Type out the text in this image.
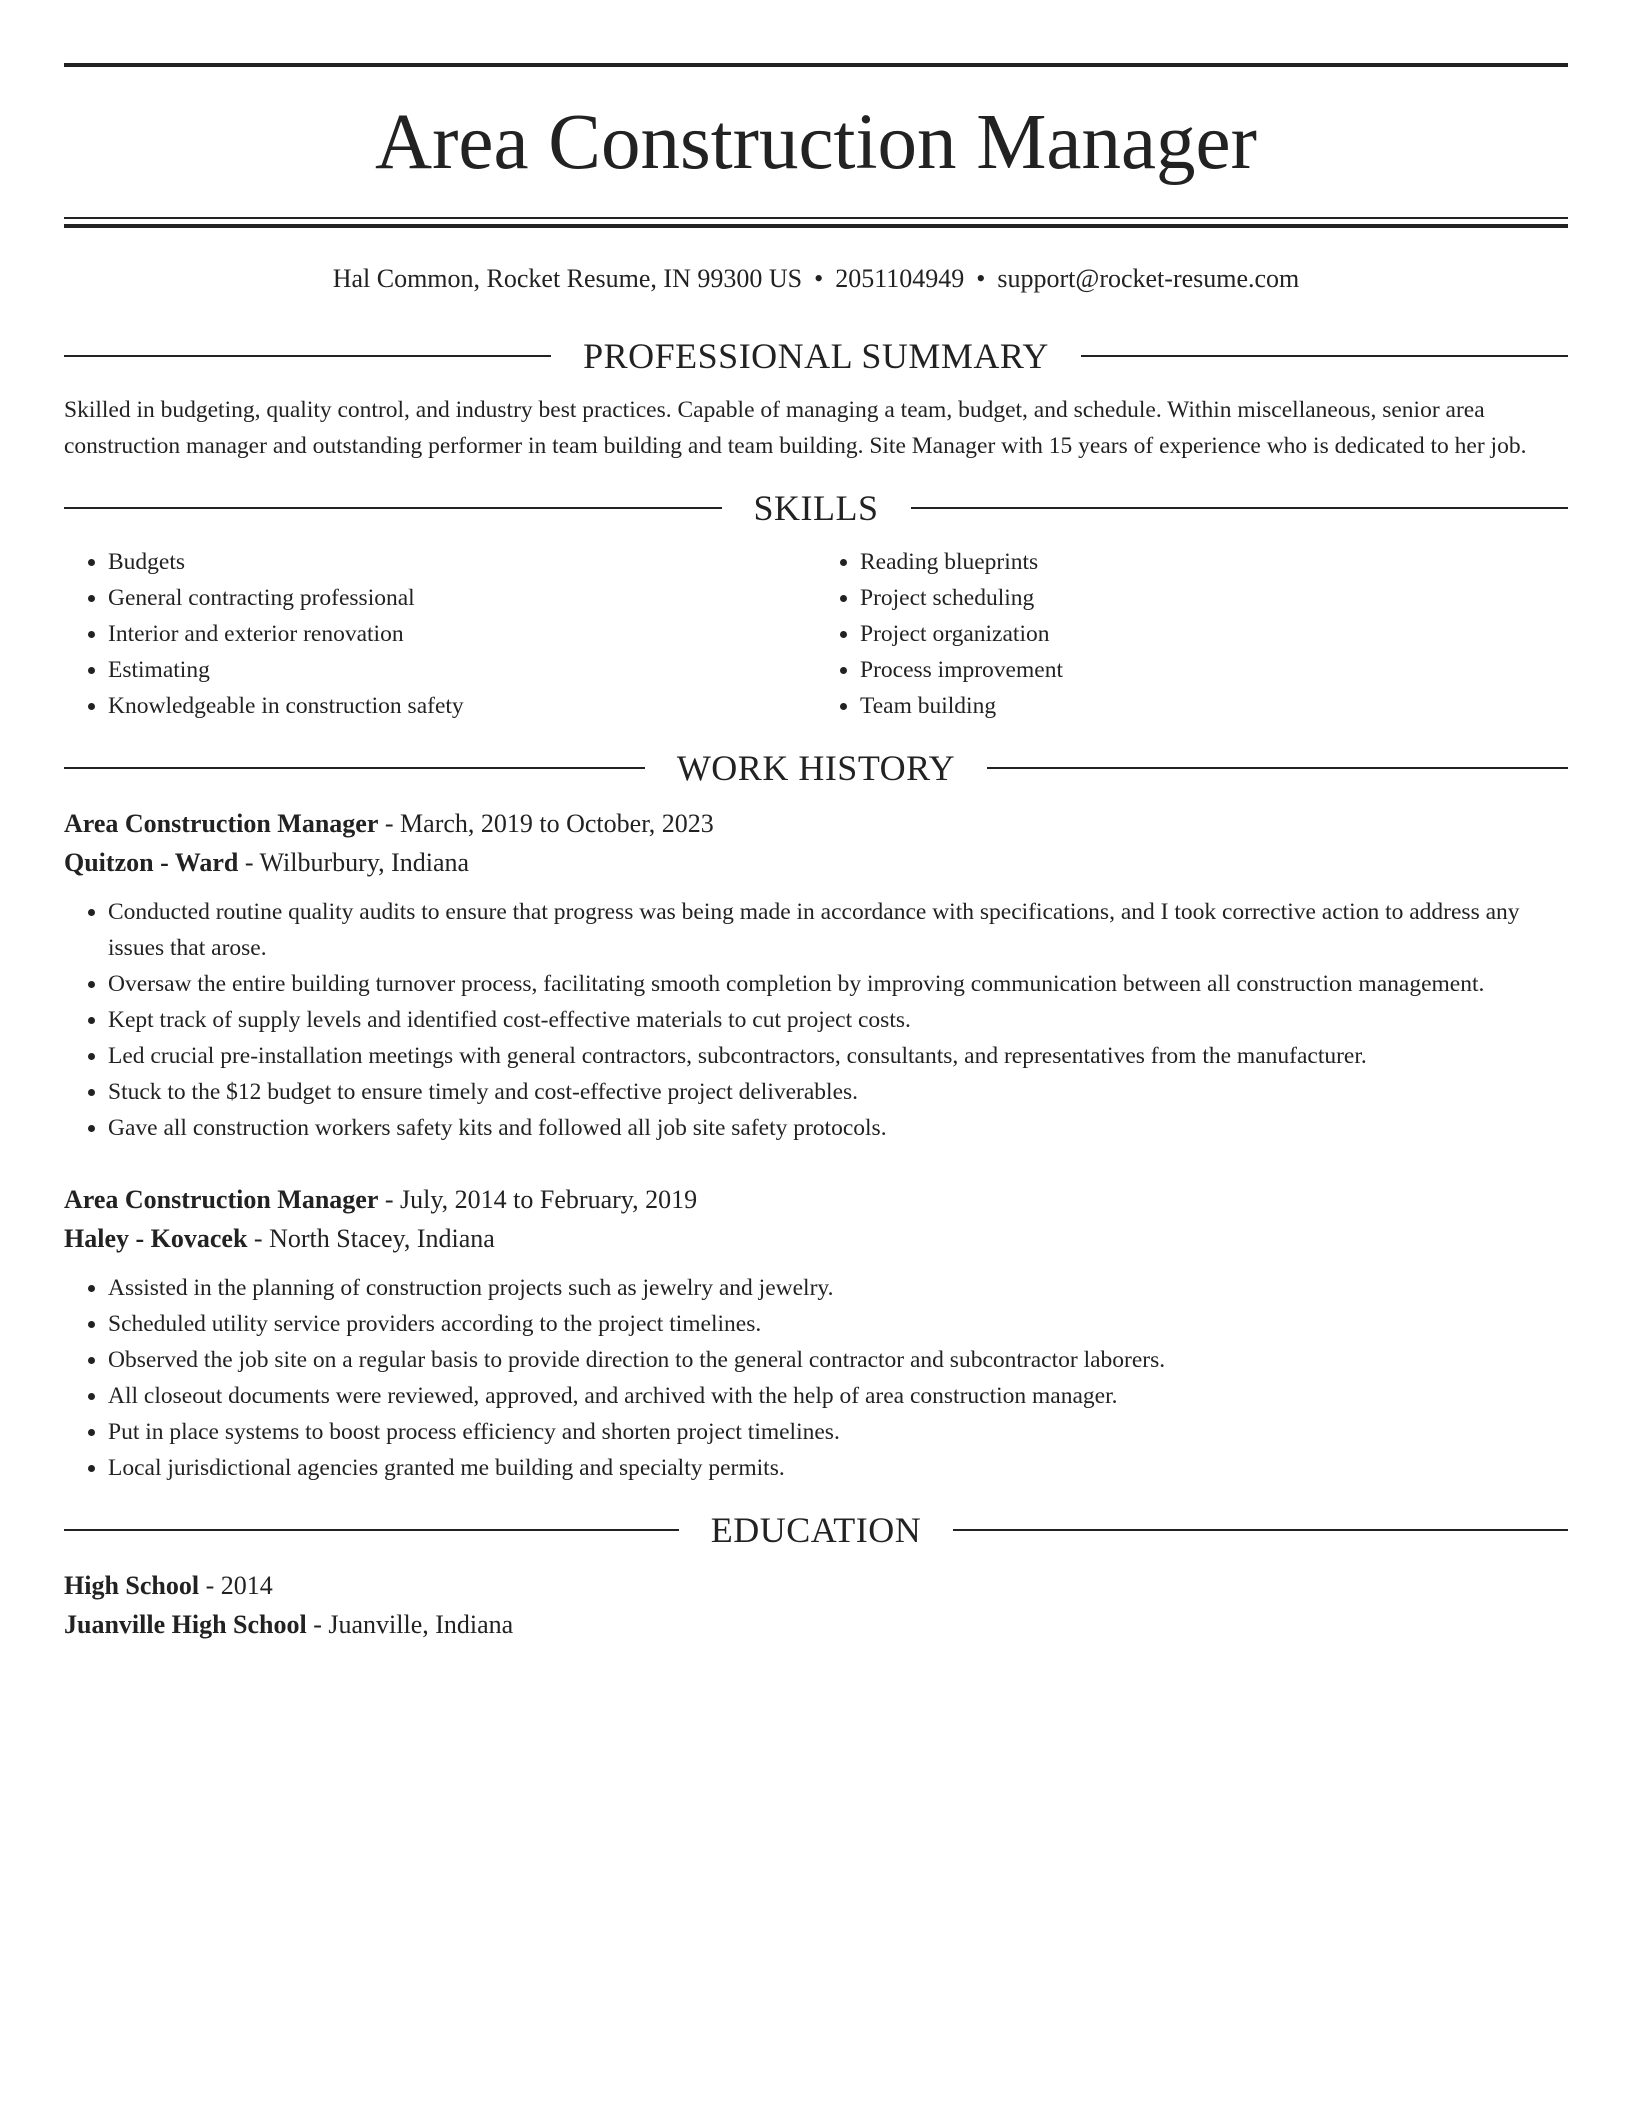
Area Construction Manager
Hal Common, Rocket Resume, IN 99300 US • 2051104949 • support@rocket-resume.com
PROFESSIONAL SUMMARY

Skilled in budgeting, quality control, and industry best practices. Capable of managing a team, budget, and schedule. Within miscellaneous, senior area construction manager and outstanding performer in team building and team building. Site Manager with 15 years of experience who is dedicated to her job.

SKILLS
• Budgets
• General contracting professional
• Interior and exterior renovation
• Estimating
• Knowledgeable in construction safety
• Reading blueprints
• Project scheduling
• Project organization
• Process improvement
• Team building
WORK HISTORY
Area Construction Manager - March, 2019 to October, 2023
Quitzon - Ward - Wilburbury, Indiana
• Conducted routine quality audits to ensure that progress was being made in accordance with specifications, and I took corrective action to address any issues that arose.
• Oversaw the entire building turnover process, facilitating smooth completion by improving communication between all construction management.
• Kept track of supply levels and identified cost-effective materials to cut project costs.
• Led crucial pre-installation meetings with general contractors, subcontractors, consultants, and representatives from the manufacturer.
• Stuck to the $12 budget to ensure timely and cost-effective project deliverables.
• Gave all construction workers safety kits and followed all job site safety protocols.
Area Construction Manager - July, 2014 to February, 2019
Haley - Kovacek - North Stacey, Indiana
• Assisted in the planning of construction projects such as jewelry and jewelry.
• Scheduled utility service providers according to the project timelines.
• Observed the job site on a regular basis to provide direction to the general contractor and subcontractor laborers.
• All closeout documents were reviewed, approved, and archived with the help of area construction manager.
• Put in place systems to boost process efficiency and shorten project timelines.
• Local jurisdictional agencies granted me building and specialty permits.
EDUCATION
High School - 2014
Juanville High School - Juanville, Indiana
